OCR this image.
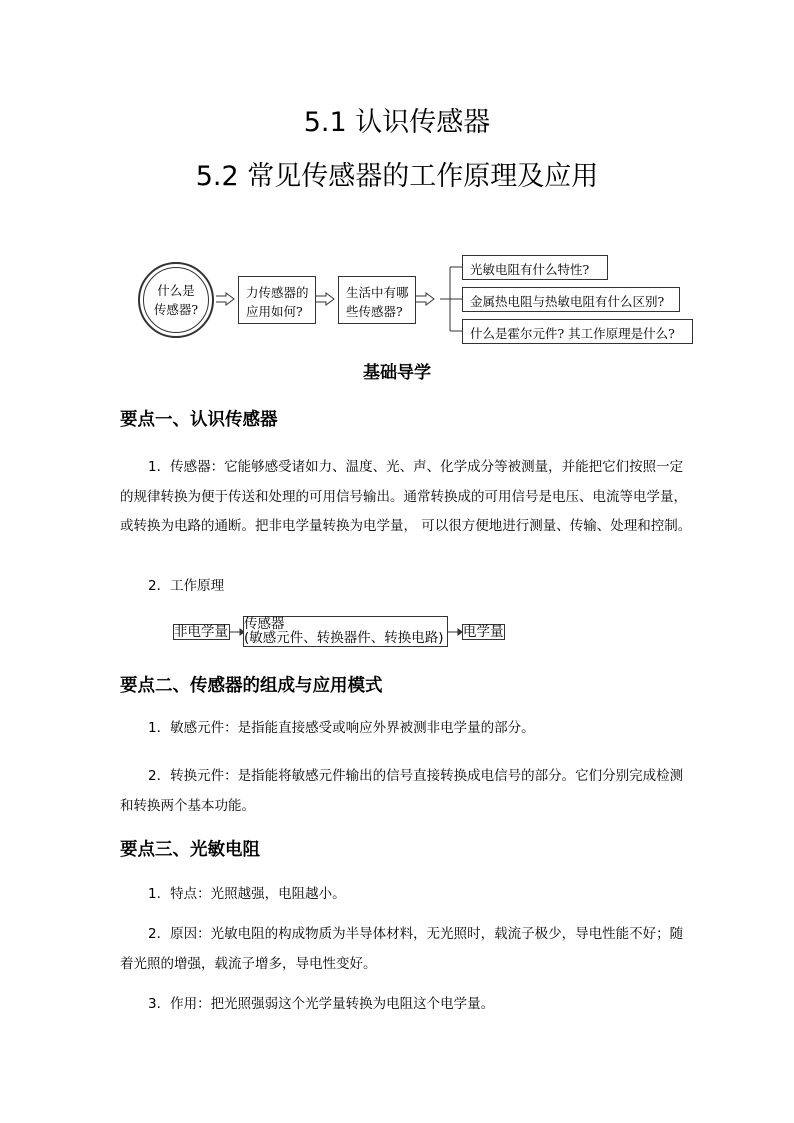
5.1 认识传感器
5.2 常见传感器的工作原理及应用
什么是
传感器?
力传感器的
应用如何?
生活中有哪
些传感器?
光敏电阻有什么特性?
金属热电阻与热敏电阻有什么区别?
什么是霍尔元件? 其工作原理是什么?
基础导学
要点一、认识传感器
1．传感器：它能够感受诸如力、温度、光、声、化学成分等被测量，并能把它们按照一定的规律转换为便于传送和处理的可用信号输出。通常转换成的可用信号是电压、电流等电学量，或转换为电路的通断。把非电学量转换为电学量， 可以很方便地进行测量、传输、处理和控制。
2．工作原理
非电学量 传感器
(敏感元件、转换器件、转换电路) 电学量
要点二、传感器的组成与应用模式
1．敏感元件：是指能直接感受或响应外界被测非电学量的部分。
2．转换元件：是指能将敏感元件输出的信号直接转换成电信号的部分。它们分别完成检测和转换两个基本功能。
要点三、光敏电阻
1．特点：光照越强，电阻越小。
2．原因：光敏电阻的构成物质为半导体材料，无光照时，载流子极少，导电性能不好；随着光照的增强，载流子增多，导电性变好。
3．作用：把光照强弱这个光学量转换为电阻这个电学量。
